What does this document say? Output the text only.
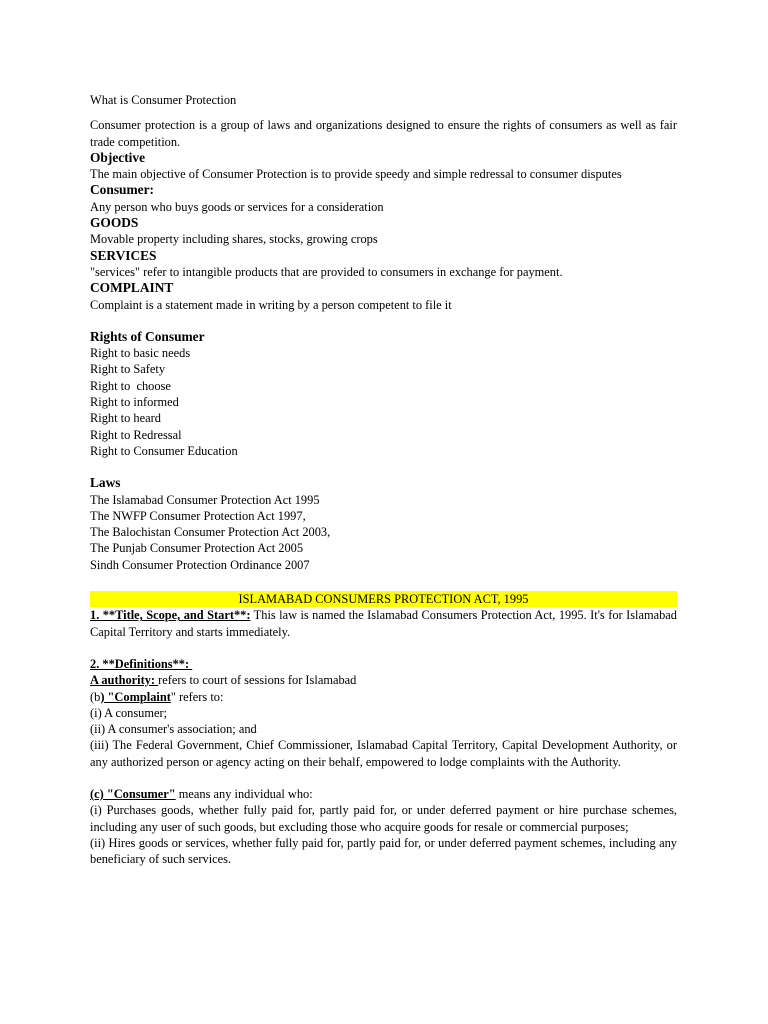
What is Consumer Protection

Consumer protection is a group of laws and organizations designed to ensure the rights of consumers as well as fair trade competition.

Objective

The main objective of Consumer Protection is to provide speedy and simple redressal to consumer disputes

Consumer:

Any person who buys goods or services for a consideration

GOODS

Movable property including shares, stocks, growing crops

SERVICES

"services" refer to intangible products that are provided to consumers in exchange for payment.

COMPLAINT

Complaint is a statement made in writing by a person competent to file it

Rights of Consumer

Right to basic needs
Right to Safety
Right to  choose
Right to informed
Right to heard
Right to Redressal
Right to Consumer Education

Laws

The Islamabad Consumer Protection Act 1995
The NWFP Consumer Protection Act 1997,
The Balochistan Consumer Protection Act 2003,
The Punjab Consumer Protection Act 2005
Sindh Consumer Protection Ordinance 2007

ISLAMABAD CONSUMERS PROTECTION ACT, 1995

1. **Title, Scope, and Start**: This law is named the Islamabad Consumers Protection Act, 1995. It's for Islamabad Capital Territory and starts immediately.

2. **Definitions**:

A authority: refers to court of sessions for Islamabad

(b) "Complaint" refers to:

(i) A consumer;

(ii) A consumer's association; and

(iii) The Federal Government, Chief Commissioner, Islamabad Capital Territory, Capital Development Authority, or any authorized person or agency acting on their behalf, empowered to lodge complaints with the Authority.

(c) "Consumer" means any individual who:

(i) Purchases goods, whether fully paid for, partly paid for, or under deferred payment or hire purchase schemes, including any user of such goods, but excluding those who acquire goods for resale or commercial purposes;

(ii) Hires goods or services, whether fully paid for, partly paid for, or under deferred payment schemes, including any beneficiary of such services.
